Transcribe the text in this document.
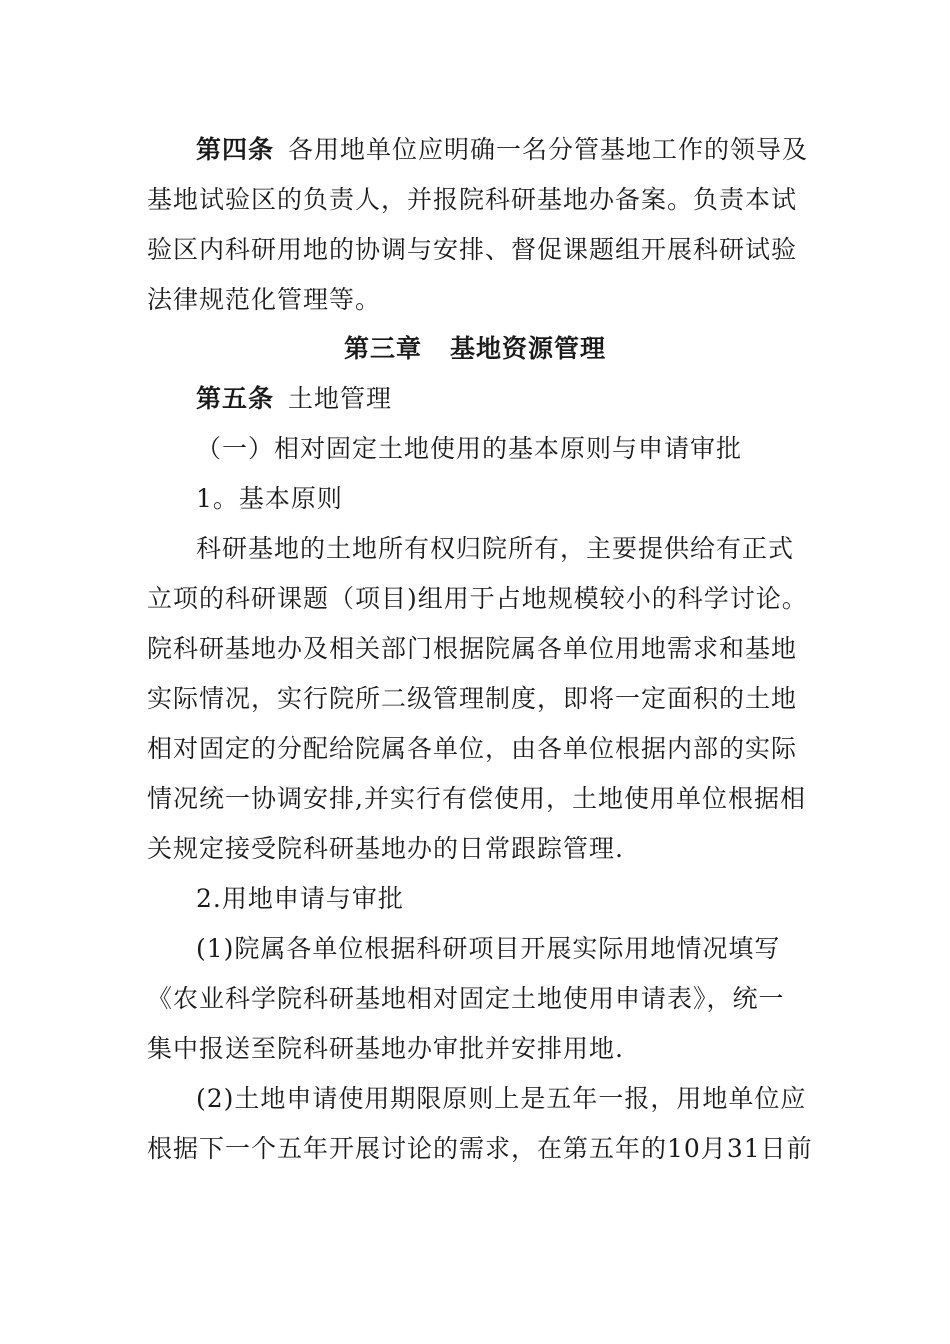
第四条 各用地单位应明确一名分管基地工作的领导及
基地试验区的负责人，并报院科研基地办备案。负责本试
验区内科研用地的协调与安排、督促课题组开展科研试验
法律规范化管理等。
第三章 基地资源管理
第五条 土地管理
（一）相对固定土地使用的基本原则与申请审批
1。基本原则
科研基地的土地所有权归院所有，主要提供给有正式
立项的科研课题（项目)组用于占地规模较小的科学讨论。
院科研基地办及相关部门根据院属各单位用地需求和基地
实际情况，实行院所二级管理制度，即将一定面积的土地
相对固定的分配给院属各单位，由各单位根据内部的实际
情况统一协调安排,并实行有偿使用，土地使用单位根据相
关规定接受院科研基地办的日常跟踪管理.
2.用地申请与审批
(1)院属各单位根据科研项目开展实际用地情况填写
《农业科学院科研基地相对固定土地使用申请表》，统一
集中报送至院科研基地办审批并安排用地.
(2)土地申请使用期限原则上是五年一报，用地单位应
根据下一个五年开展讨论的需求，在第五年的10月31日前
